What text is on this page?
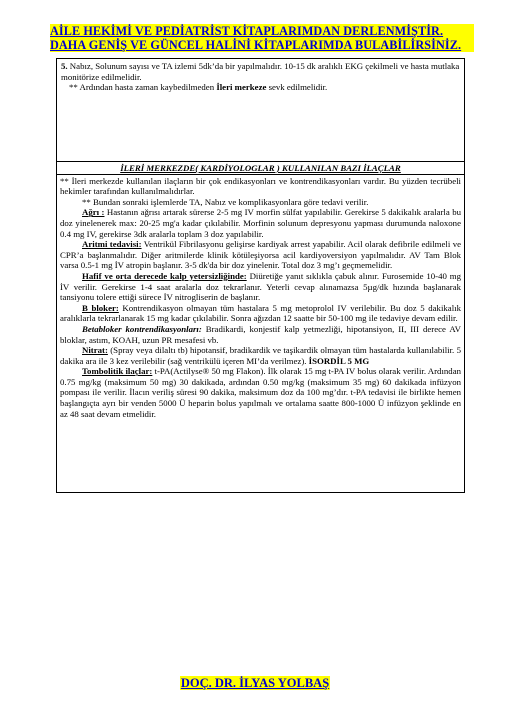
AİLE HEKİMİ VE PEDİATRİST KİTAPLARIMDAN DERLENMİŞTİR.
DAHA GENİŞ VE GÜNCEL HALİNİ KİTAPLARIMDA BULABİLİRSİNİZ.

5. Nabız, Solunum sayısı ve TA izlemi 5dk’da bir yapılmalıdır. 10-15 dk aralıklı EKG çekilmeli ve hasta mutlaka monitörize edilmelidir.

** Ardından hasta zaman kaybedilmeden İleri merkeze sevk edilmelidir.

İLERİ MERKEZDE( KARDİYOLOGLAR ) KULLANILAN BAZI İLAÇLAR

** İleri merkezde kullanılan ilaçların bir çok endikasyonları ve kontrendikasyonları vardır. Bu yüzden tecrübeli hekimler tarafından kullanılmalıdırlar.

** Bundan sonraki işlemlerde TA, Nabız ve komplikasyonlara göre tedavi verilir.

Ağrı : Hastanın ağrısı artarak sürerse 2-5 mg IV morfin sülfat yapılabilir. Gerekirse 5 dakikalık aralarla bu doz yinelenerek max: 20-25 mg'a kadar çıkılabilir. Morfinin solunum depresyonu yapması durumunda naloxone 0.4 mg IV, gerekirse 3dk aralarla toplam 3 doz yapılabilir.

Aritmi tedavisi: Ventrikül Fibrilasyonu gelişirse kardiyak arrest yapabilir. Acil olarak defibrile edilmeli ve CPR’a başlanmalıdır. Diğer aritmilerde klinik kötüleşiyorsa acil kardiyoversiyon yapılmalıdır. AV Tam Blok varsa 0.5-1 mg İV atropin başlanır. 3-5 dk'da bir doz yinelenir. Total doz 3 mg’ı geçmemelidir.

Hafif ve orta derecede kalp yetersizliğinde: Diüretiğe yanıt sıklıkla çabuk alınır. Furosemide 10-40 mg İV verilir. Gerekirse 1-4 saat aralarla doz tekrarlanır. Yeterli cevap alınamazsa 5µg/dk hızında başlanarak tansiyonu tolere ettiği sürece İV nitrogliserin de başlanır.

B bloker: Kontrendikasyon olmayan tüm hastalara 5 mg metoprolol IV verilebilir. Bu doz 5 dakikalık aralıklarla tekrarlanarak 15 mg kadar çıkılabilir. Sonra ağızdan 12 saatte bir 50-100 mg ile tedaviye devam edilir.

Betabloker kontrendikasyonları: Bradikardi, konjestif kalp yetmezliği, hipotansiyon, II, III derece AV bloklar, astım, KOAH, uzun PR mesafesi vb.

Nitrat: (Spray veya dilaltı tb) hipotansif, bradikardik ve taşikardik olmayan tüm hastalarda kullanılabilir. 5 dakika ara ile 3 kez verilebilir (sağ ventrikülü içeren MI’da verilmez). İSORDİL 5 MG

Tombolitik ilaçlar: t-PA(Actilyse® 50 mg Flakon). İlk olarak 15 mg t-PA IV bolus olarak verilir. Ardından 0.75 mg/kg (maksimum 50 mg) 30 dakikada, ardından 0.50 mg/kg (maksimum 35 mg) 60 dakikada infüzyon pompası ile verilir. İlacın veriliş süresi 90 dakika, maksimum doz da 100 mg’dır. t-PA tedavisi ile birlikte hemen başlangıçta ayrı bir venden 5000 Ü heparin bolus yapılmalı ve ortalama saatte 800-1000 Ü infüzyon şeklinde en az 48 saat devam etmelidir.

DOÇ. DR. İLYAS YOLBAŞ
